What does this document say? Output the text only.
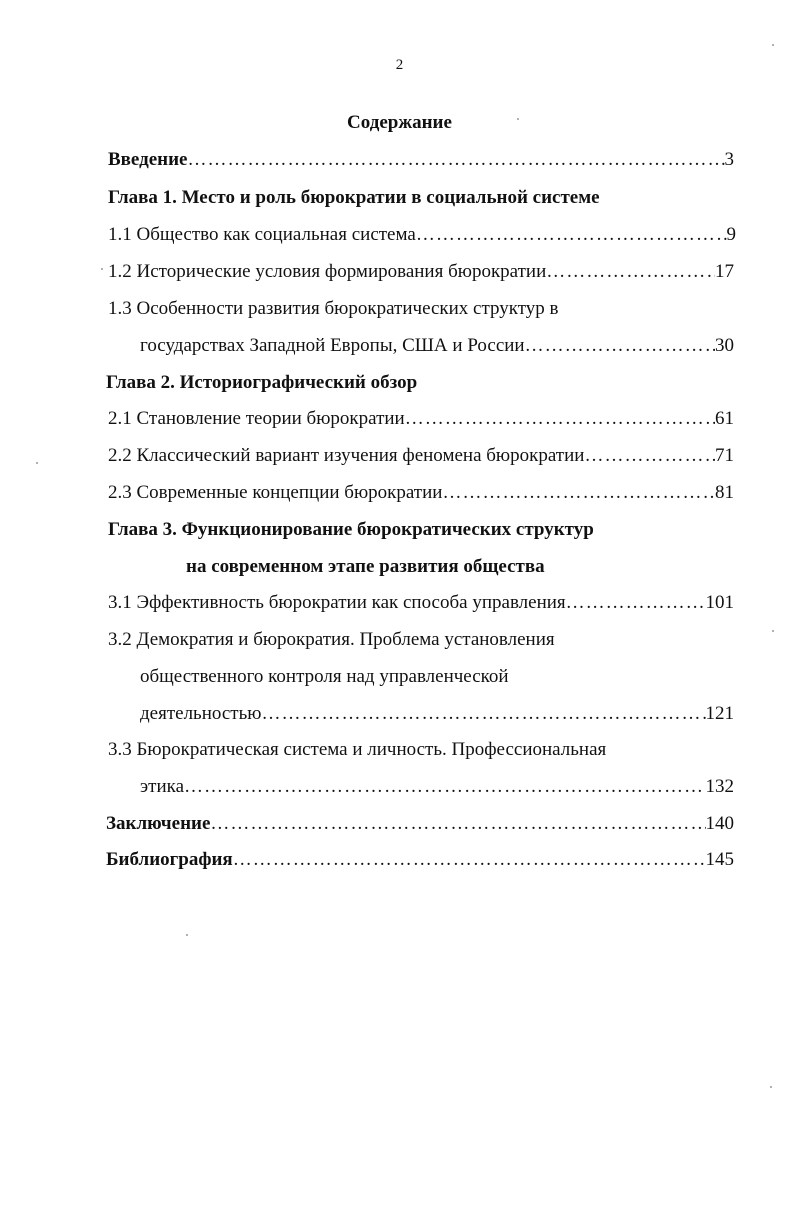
2
Содержание
Введение …………………………………………………………………………………………………………………………………………………………………………	3
Глава 1. Место и роль бюрократии в социальной системе
1.1 Общество как социальная система …………………………………………………………………………………………………………………………………………………………………………	9
1.2 Исторические условия формирования бюрократии …………………………………………………………………………………………………………………………………………………………………………	17
1.3 Особенности развития бюрократических структур в
государствах Западной Европы, США и России …………………………………………………………………………………………………………………………………………………………………………	30
Глава 2. Историографический обзор
2.1 Становление теории бюрократии …………………………………………………………………………………………………………………………………………………………………………	61
2.2 Классический вариант изучения феномена бюрократии …………………………………………………………………………………………………………………………………………………………………………	71
2.3 Современные концепции бюрократии …………………………………………………………………………………………………………………………………………………………………………	81
Глава 3. Функционирование бюрократических структур
на современном этапе развития общества
3.1 Эффективность бюрократии как способа управления …………………………………………………………………………………………………………………………………………………………………………	101
3.2 Демократия и бюрократия. Проблема установления
общественного контроля над управленческой
деятельностью …………………………………………………………………………………………………………………………………………………………………………	121
3.3 Бюрократическая система и личность. Профессиональная
этика …………………………………………………………………………………………………………………………………………………………………………	132
Заключение …………………………………………………………………………………………………………………………………………………………………………	140
Библиография …………………………………………………………………………………………………………………………………………………………………………	145
